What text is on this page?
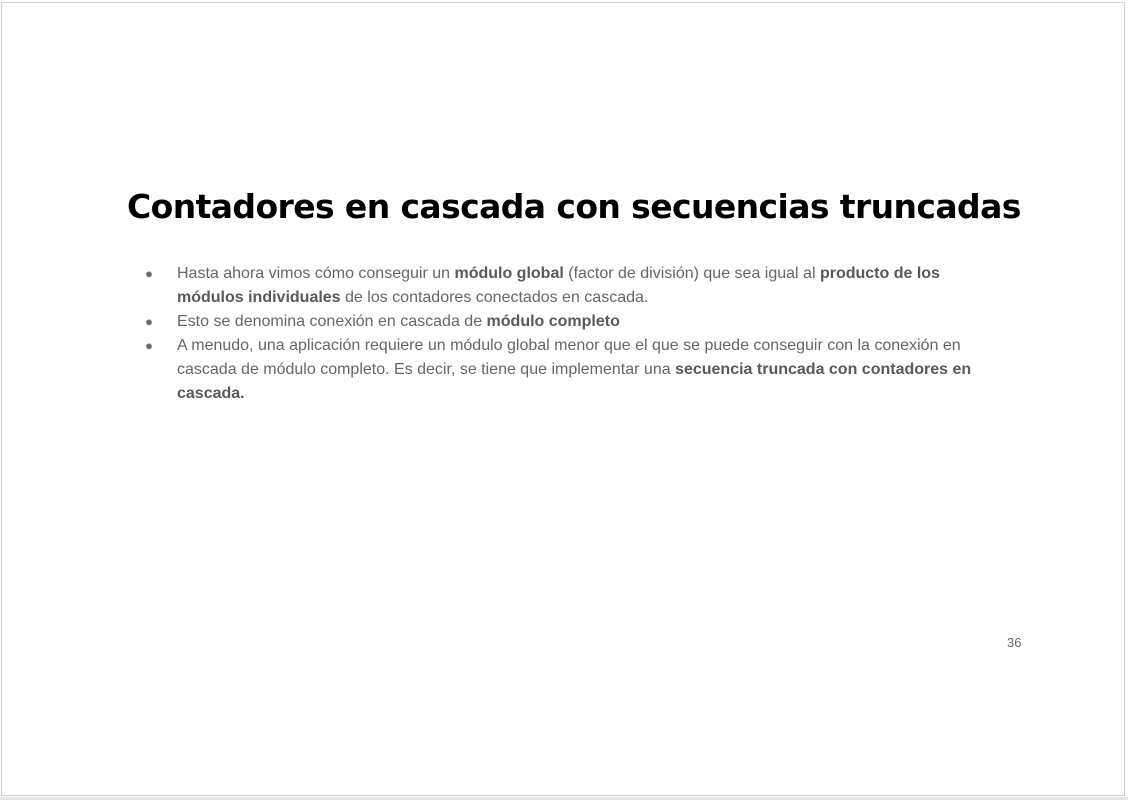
Contadores en cascada con secuencias truncadas
● Hasta ahora vimos cómo conseguir un módulo global (factor de división) que sea igual al producto de los módulos individuales de los contadores conectados en cascada.
● Esto se denomina conexión en cascada de módulo completo
● A menudo, una aplicación requiere un módulo global menor que el que se puede conseguir con la conexión en cascada de módulo completo. Es decir, se tiene que implementar una secuencia truncada con contadores en cascada.
36
